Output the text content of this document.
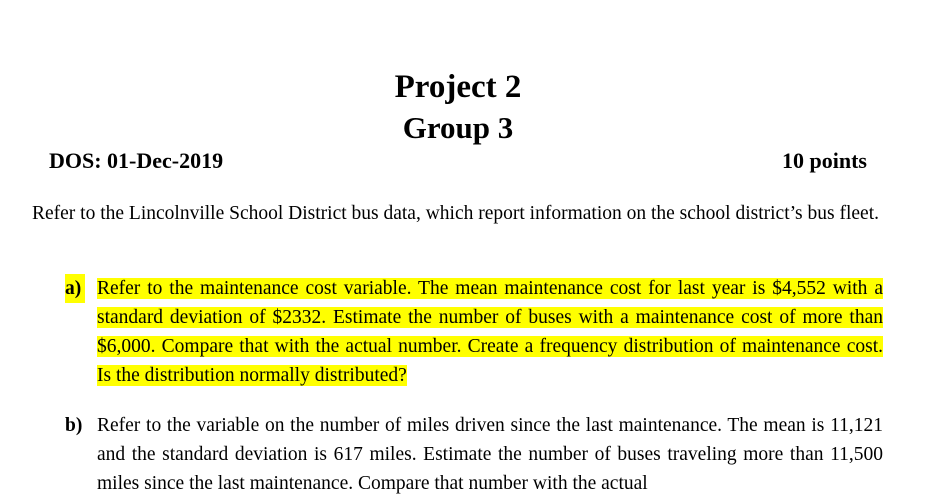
Project 2
Group 3
DOS: 01-Dec-2019	10 points

Refer to the Lincolnville School District bus data, which report information on the school district’s bus fleet.

a) Refer to the maintenance cost variable. The mean maintenance cost for last year is $4,552 with a standard deviation of $2332. Estimate the number of buses with a maintenance cost of more than $6,000. Compare that with the actual number. Create a frequency distribution of maintenance cost. Is the distribution normally distributed?
b) Refer to the variable on the number of miles driven since the last maintenance. The mean is 11,121 and the standard deviation is 617 miles. Estimate the number of buses traveling more than 11,500 miles since the last maintenance. Compare that number with the actual
